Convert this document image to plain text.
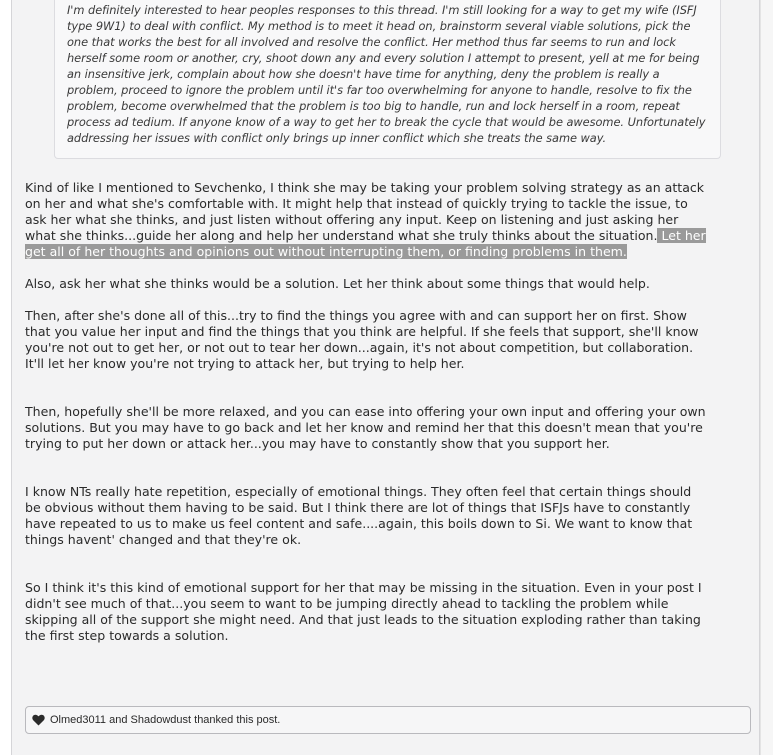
I'm definitely interested to hear peoples responses to this thread. I'm still looking for a way to get my wife (ISFJ

type 9W1) to deal with conflict. My method is to meet it head on, brainstorm several viable solutions, pick the

one that works the best for all involved and resolve the conflict. Her method thus far seems to run and lock

herself some room or another, cry, shoot down any and every solution I attempt to present, yell at me for being

an insensitive jerk, complain about how she doesn't have time for anything, deny the problem is really a

problem, proceed to ignore the problem until it's far too overwhelming for anyone to handle, resolve to fix the

problem, become overwhelmed that the problem is too big to handle, run and lock herself in a room, repeat

process ad tedium. If anyone know of a way to get her to break the cycle that would be awesome. Unfortunately

addressing her issues with conflict only brings up inner conflict which she treats the same way.

Kind of like I mentioned to Sevchenko, I think she may be taking your problem solving strategy as an attack

on her and what she's comfortable with. It might help that instead of quickly trying to tackle the issue, to

ask her what she thinks, and just listen without offering any input. Keep on listening and just asking her

what she thinks...guide her along and help her understand what she truly thinks about the situation. Let her

get all of her thoughts and opinions out without interrupting them, or finding problems in them.

Also, ask her what she thinks would be a solution. Let her think about some things that would help.

Then, after she's done all of this...try to find the things you agree with and can support her on first. Show

that you value her input and find the things that you think are helpful. If she feels that support, she'll know

you're not out to get her, or not out to tear her down...again, it's not about competition, but collaboration.

It'll let her know you're not trying to attack her, but trying to help her.

Then, hopefully she'll be more relaxed, and you can ease into offering your own input and offering your own

solutions. But you may have to go back and let her know and remind her that this doesn't mean that you're

trying to put her down or attack her...you may have to constantly show that you support her.

I know NTs really hate repetition, especially of emotional things. They often feel that certain things should

be obvious without them having to be said. But I think there are lot of things that ISFJs have to constantly

have repeated to us to make us feel content and safe....again, this boils down to Si. We want to know that

things havent' changed and that they're ok.

So I think it's this kind of emotional support for her that may be missing in the situation. Even in your post I

didn't see much of that...you seem to want to be jumping directly ahead to tackling the problem while

skipping all of the support she might need. And that just leads to the situation exploding rather than taking

the first step towards a solution.

Olmed3011 and Shadowdust thanked this post.
